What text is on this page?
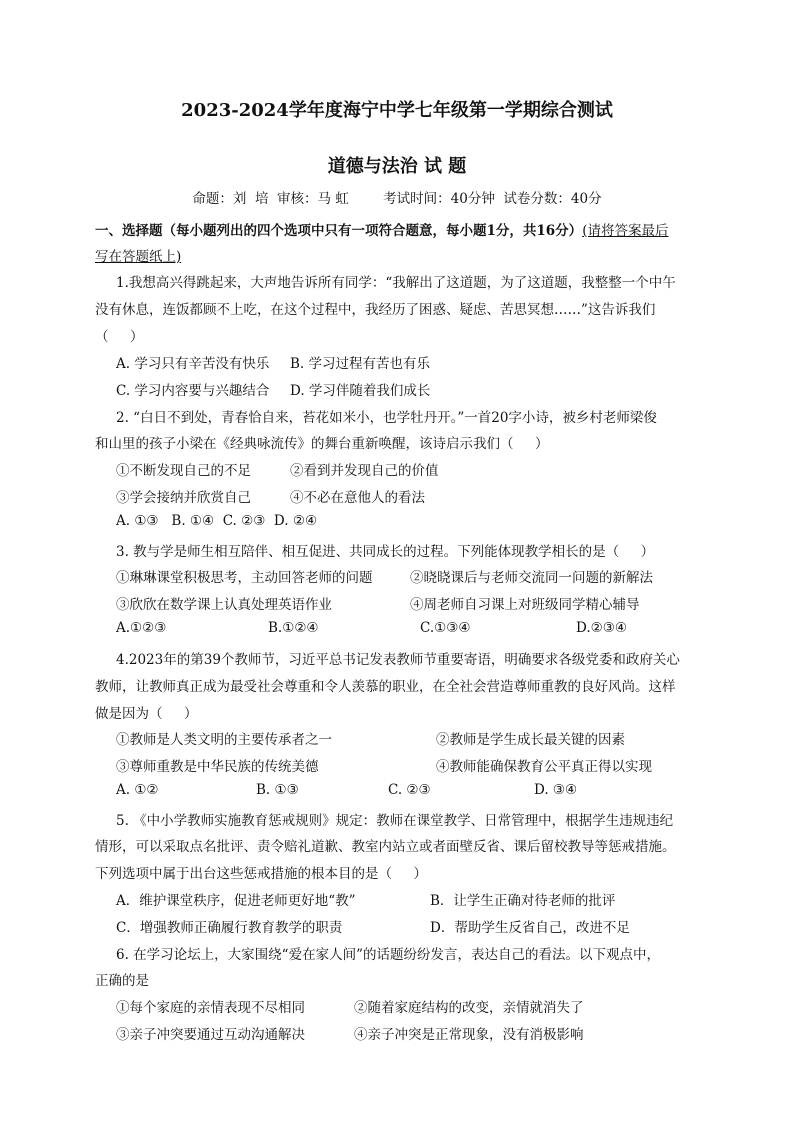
2023-2024学年度海宁中学七年级第一学期综合测试
道德与法治 试 题
命题：刘  培  审核：马 虹        考试时间：40分钟  试卷分数：40分
一、选择题（每小题列出的四个选项中只有一项符合题意，每小题1分，共16分）(请将答案最后
写在答题纸上)
1.我想高兴得跳起来，大声地告诉所有同学：“我解出了这道题，为了这道题，我整整一个中午
没有休息，连饭都顾不上吃，在这个过程中，我经历了困惑、疑虑、苦思冥想……”这告诉我们
（     ）
A. 学习只有辛苦没有快乐 B. 学习过程有苦也有乐
C. 学习内容要与兴趣结合 D. 学习伴随着我们成长
2. “白日不到处，青春恰自来，苔花如米小，也学牡丹开。”一首20字小诗，被乡村老师梁俊
和山里的孩子小梁在《经典咏流传》的舞台重新唤醒，该诗启示我们（     ）
①不断发现自己的不足	②看到并发现自己的价值
③学会接纳并欣赏自己	④不必在意他人的看法
A. ①③   B. ①④  C. ②③  D. ②④
3. 教与学是师生相互陪伴、相互促进、共同成长的过程。下列能体现教学相长的是（     ）
①琳琳课堂积极思考，主动回答老师的问题	②晓晓课后与老师交流同一问题的新解法
③欣欣在数学课上认真处理英语作业	④周老师自习课上对班级同学精心辅导
A.①②③	B.①②④	C.①③④	D.②③④
4.2023年的第39个教师节，习近平总书记发表教师节重要寄语，明确要求各级党委和政府关心
教师，让教师真正成为最受社会尊重和令人羡慕的职业，在全社会营造尊师重教的良好风尚。这样
做是因为（     ）
①教师是人类文明的主要传承者之一	②教师是学生成长最关键的因素
③尊师重教是中华民族的传统美德	④教师能确保教育公平真正得以实现
A. ①②	B. ①③	C. ②③	D. ③④
5. 《中小学教师实施教育惩戒规则》规定：教师在课堂教学、日常管理中，根据学生违规违纪
情形，可以采取点名批评、责令赔礼道歉、教室内站立或者面壁反省、课后留校教导等惩戒措施。
下列选项中属于出台这些惩戒措施的根本目的是（     ）
A．维护课堂秩序，促进老师更好地“教”	B．让学生正确对待老师的批评
C．增强教师正确履行教育教学的职责	D．帮助学生反省自己，改进不足
6. 在学习论坛上，大家围绕“爱在家人间”的话题纷纷发言，表达自己的看法。以下观点中，
正确的是
①每个家庭的亲情表现不尽相同	②随着家庭结构的改变，亲情就消失了
③亲子冲突要通过互动沟通解决	④亲子冲突是正常现象，没有消极影响
